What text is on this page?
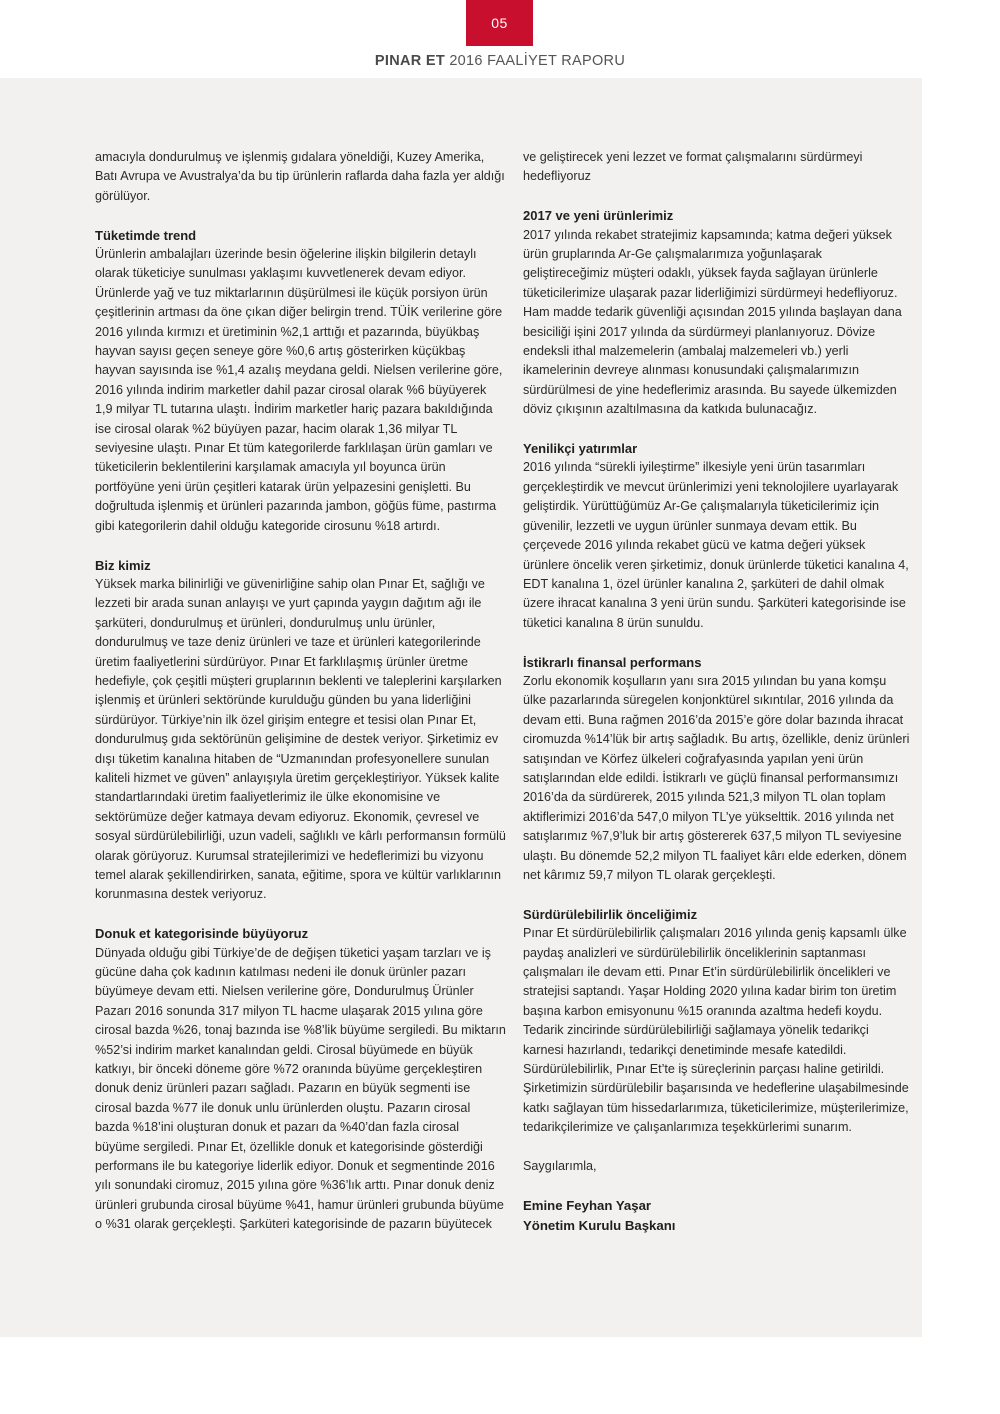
05
PINAR ET 2016 FAALİYET RAPORU

amacıyla dondurulmuş ve işlenmiş gıdalara yöneldiği, Kuzey Amerika, Batı Avrupa ve Avustralya’da bu tip ürünlerin raflarda daha fazla yer aldığı görülüyor.

Tüketimde trend

Ürünlerin ambalajları üzerinde besin öğelerine ilişkin bilgilerin detaylı olarak tüketiciye sunulması yaklaşımı kuvvetlenerek devam ediyor. Ürünlerde yağ ve tuz miktarlarının düşürülmesi ile küçük porsiyon ürün çeşitlerinin artması da öne çıkan diğer belirgin trend. TÜİK verilerine göre 2016 yılında kırmızı et üretiminin %2,1 arttığı et pazarında, büyükbaş hayvan sayısı geçen seneye göre %0,6 artış gösterirken küçükbaş hayvan sayısında ise %1,4 azalış meydana geldi. Nielsen verilerine göre, 2016 yılında indirim marketler dahil pazar cirosal olarak %6 büyüyerek 1,9 milyar TL tutarına ulaştı. İndirim marketler hariç pazara bakıldığında ise cirosal olarak %2 büyüyen pazar, hacim olarak 1,36 milyar TL seviyesine ulaştı. Pınar Et tüm kategorilerde farklılaşan ürün gamları ve tüketicilerin beklentilerini karşılamak amacıyla yıl boyunca ürün portföyüne yeni ürün çeşitleri katarak ürün yelpazesini genişletti. Bu doğrultuda işlenmiş et ürünleri pazarında jambon, göğüs füme, pastırma gibi kategorilerin dahil olduğu kategoride cirosunu %18 artırdı.

Biz kimiz

Yüksek marka bilinirliği ve güvenirliğine sahip olan Pınar Et, sağlığı ve lezzeti bir arada sunan anlayışı ve yurt çapında yaygın dağıtım ağı ile şarküteri, dondurulmuş et ürünleri, dondurulmuş unlu ürünler, dondurulmuş ve taze deniz ürünleri ve taze et ürünleri kategorilerinde üretim faaliyetlerini sürdürüyor. Pınar Et farklılaşmış ürünler üretme hedefiyle, çok çeşitli müşteri gruplarının beklenti ve taleplerini karşılarken işlenmiş et ürünleri sektöründe kurulduğu günden bu yana liderliğini sürdürüyor. Türkiye’nin ilk özel girişim entegre et tesisi olan Pınar Et, dondurulmuş gıda sektörünün gelişimine de destek veriyor. Şirketimiz ev dışı tüketim kanalına hitaben de “Uzmanından profesyonellere sunulan kaliteli hizmet ve güven” anlayışıyla üretim gerçekleştiriyor. Yüksek kalite standartlarındaki üretim faaliyetlerimiz ile ülke ekonomisine ve sektörümüze değer katmaya devam ediyoruz. Ekonomik, çevresel ve sosyal sürdürülebilirliği, uzun vadeli, sağlıklı ve kârlı performansın formülü olarak görüyoruz. Kurumsal stratejilerimizi ve hedeflerimizi bu vizyonu temel alarak şekillendirirken, sanata, eğitime, spora ve kültür varlıklarının korunmasına destek veriyoruz.

Donuk et kategorisinde büyüyoruz

Dünyada olduğu gibi Türkiye’de de değişen tüketici yaşam tarzları ve iş gücüne daha çok kadının katılması nedeni ile donuk ürünler pazarı büyümeye devam etti. Nielsen verilerine göre, Dondurulmuş Ürünler Pazarı 2016 sonunda 317 milyon TL hacme ulaşarak 2015 yılına göre cirosal bazda %26, tonaj bazında ise %8’lik büyüme sergiledi. Bu miktarın %52’si indirim market kanalından geldi. Cirosal büyümede en büyük katkıyı, bir önceki döneme göre %72 oranında büyüme gerçekleştiren donuk deniz ürünleri pazarı sağladı. Pazarın en büyük segmenti ise cirosal bazda %77 ile donuk unlu ürünlerden oluştu. Pazarın cirosal bazda %18’ini oluşturan donuk et pazarı da %40’dan fazla cirosal büyüme sergiledi. Pınar Et, özellikle donuk et kategorisinde gösterdiği performans ile bu kategoriye liderlik ediyor. Donuk et segmentinde 2016 yılı sonundaki ciromuz, 2015 yılına göre %36’lık arttı. Pınar donuk deniz ürünleri grubunda cirosal büyüme %41, hamur ürünleri grubunda büyüme o %31 olarak gerçekleşti. Şarküteri kategorisinde de pazarın büyütecek

ve geliştirecek yeni lezzet ve format çalışmalarını sürdürmeyi hedefliyoruz

2017 ve yeni ürünlerimiz

2017 yılında rekabet stratejimiz kapsamında; katma değeri yüksek ürün gruplarında Ar-Ge çalışmalarımıza yoğunlaşarak geliştireceğimiz müşteri odaklı, yüksek fayda sağlayan ürünlerle tüketicilerimize ulaşarak pazar liderliğimizi sürdürmeyi hedefliyoruz. Ham madde tedarik güvenliği açısından 2015 yılında başlayan dana besiciliği işini 2017 yılında da sürdürmeyi planlanıyoruz. Dövize endeksli ithal malzemelerin (ambalaj malzemeleri vb.) yerli ikamelerinin devreye alınması konusundaki çalışmalarımızın sürdürülmesi de yine hedeflerimiz arasında. Bu sayede ülkemizden döviz çıkışının azaltılmasına da katkıda bulunacağız.

Yenilikçi yatırımlar

2016 yılında “sürekli iyileştirme” ilkesiyle yeni ürün tasarımları gerçekleştirdik ve mevcut ürünlerimizi yeni teknolojilere uyarlayarak geliştirdik. Yürüttüğümüz Ar-Ge çalışmalarıyla tüketicilerimiz için güvenilir, lezzetli ve uygun ürünler sunmaya devam ettik. Bu çerçevede 2016 yılında rekabet gücü ve katma değeri yüksek ürünlere öncelik veren şirketimiz, donuk ürünlerde tüketici kanalına 4, EDT kanalına 1, özel ürünler kanalına 2, şarküteri de dahil olmak üzere ihracat kanalına 3 yeni ürün sundu. Şarküteri kategorisinde ise tüketici kanalına 8 ürün sunuldu.

İstikrarlı finansal performans

Zorlu ekonomik koşulların yanı sıra 2015 yılından bu yana komşu ülke pazarlarında süregelen konjonktürel sıkıntılar, 2016 yılında da devam etti. Buna rağmen 2016’da 2015’e göre dolar bazında ihracat ciromuzda %14’lük bir artış sağladık. Bu artış, özellikle, deniz ürünleri satışından ve Körfez ülkeleri coğrafyasında yapılan yeni ürün satışlarından elde edildi. İstikrarlı ve güçlü finansal performansımızı 2016’da da sürdürerek, 2015 yılında 521,3 milyon TL olan toplam aktiflerimizi 2016’da 547,0 milyon TL’ye yükselttik. 2016 yılında net satışlarımız %7,9’luk bir artış göstererek 637,5 milyon TL seviyesine ulaştı. Bu dönemde 52,2 milyon TL faaliyet kârı elde ederken, dönem net kârımız 59,7 milyon TL olarak gerçekleşti.

Sürdürülebilirlik önceliğimiz

Pınar Et sürdürülebilirlik çalışmaları 2016 yılında geniş kapsamlı ülke paydaş analizleri ve sürdürülebilirlik önceliklerinin saptanması çalışmaları ile devam etti. Pınar Et’in sürdürülebilirlik öncelikleri ve stratejisi saptandı. Yaşar Holding 2020 yılına kadar birim ton üretim başına karbon emisyonunu %15 oranında azaltma hedefi koydu. Tedarik zincirinde sürdürülebilirliği sağlamaya yönelik tedarikçi karnesi hazırlandı, tedarikçi denetiminde mesafe katedildi. Sürdürülebilirlik, Pınar Et’te iş süreçlerinin parçası haline getirildi. Şirketimizin sürdürülebilir başarısında ve hedeflerine ulaşabilmesinde katkı sağlayan tüm hissedarlarımıza, tüketicilerimize, müşterilerimize, tedarikçilerimize ve çalışanlarımıza teşekkürlerimi sunarım.

Saygılarımla,

Emine Feyhan Yaşar
Yönetim Kurulu Başkanı
